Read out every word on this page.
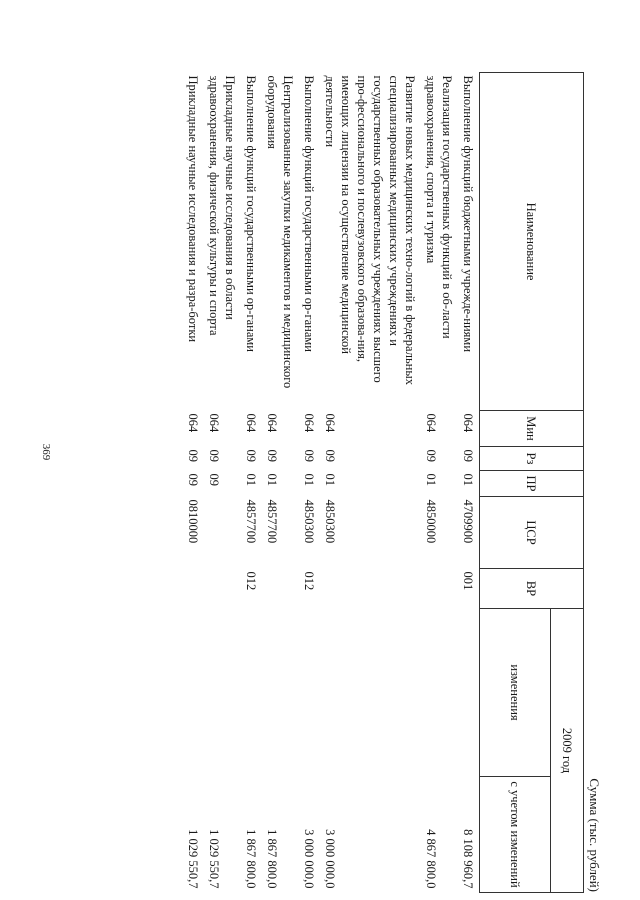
369
Сумма (тыс. рублей)
Наименование	Мин	Рз	ПР	ЦСР	ВР	2009 год	
						изменения	с учетом изменений
Выполнение функций бюджетными учрежде-ниями	064	09	01	4709900	001		8 108 960,7
Реализация государственных функций в об-ласти здравоохранения, спорта и туризма	064	09	01	4850000			4 867 800,0
Развитие новых медицинских техно-логий в федеральных специализированных медицинских учреждениях и государственных образовательных учреждениях высшего про-фессионального и послевузовского образова-ния, имеющих лицензии на осуществление медицинской деятельности	064	09	01	4850300			3 000 000,0
Выполнение функций государственными ор-ганами	064	09	01	4850300	012		3 000 000,0
Централизованные закупки медикаментов и медицинского оборудования	064	09	01	4857700			1 867 800,0
Выполнение функций государственными ор-ганами	064	09	01	4857700	012		1 867 800,0
Прикладные научные исследования в области здравоохранения, физической культуры и спорта	064	09	09				1 029 550,7
Прикладные научные исследования и разра-ботки	064	09	09	0810000			1 029 550,7
